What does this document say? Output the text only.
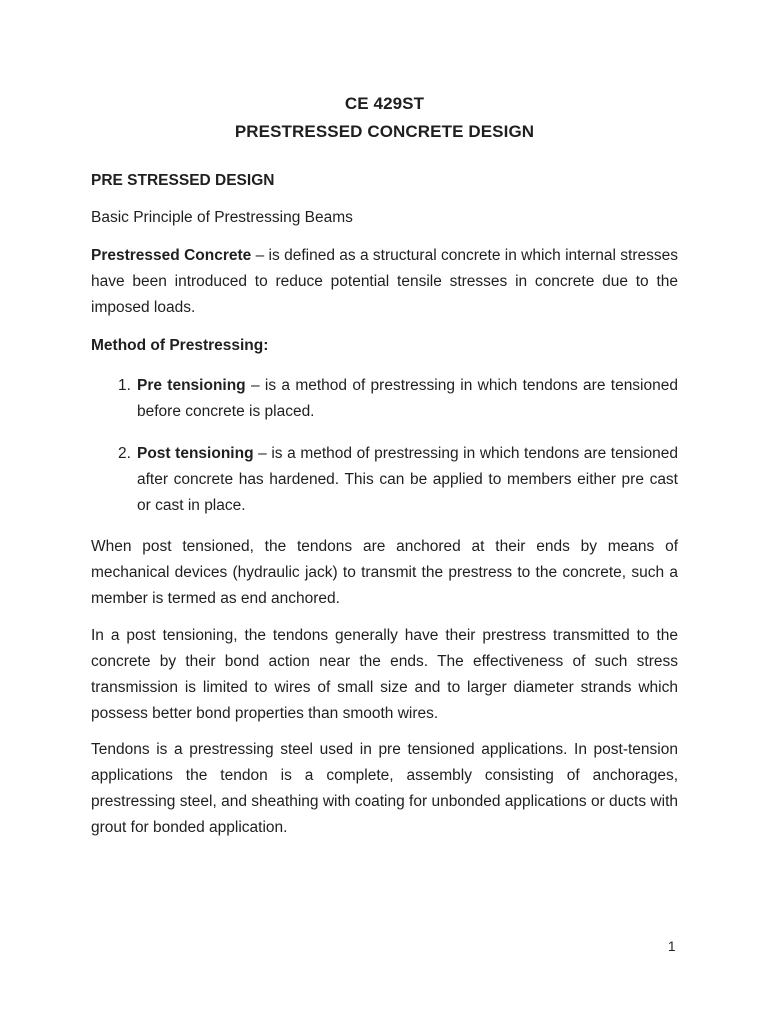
CE 429ST
PRESTRESSED CONCRETE DESIGN
PRE STRESSED DESIGN
Basic Principle of Prestressing Beams

Prestressed Concrete – is defined as a structural concrete in which internal stresses have been introduced to reduce potential tensile stresses in concrete due to the imposed loads.

Method of Prestressing:
1. Pre tensioning – is a method of prestressing in which tendons are tensioned before concrete is placed.
2. Post tensioning – is a method of prestressing in which tendons are tensioned after concrete has hardened. This can be applied to members either pre cast or cast in place.

When post tensioned, the tendons are anchored at their ends by means of mechanical devices (hydraulic jack) to transmit the prestress to the concrete, such a member is termed as end anchored.

In a post tensioning, the tendons generally have their prestress transmitted to the concrete by their bond action near the ends. The effectiveness of such stress transmission is limited to wires of small size and to larger diameter strands which possess better bond properties than smooth wires.

Tendons is a prestressing steel used in pre tensioned applications. In post-tension applications the tendon is a complete, assembly consisting of anchorages, prestressing steel, and sheathing with coating for unbonded applications or ducts with grout for bonded application.

1
